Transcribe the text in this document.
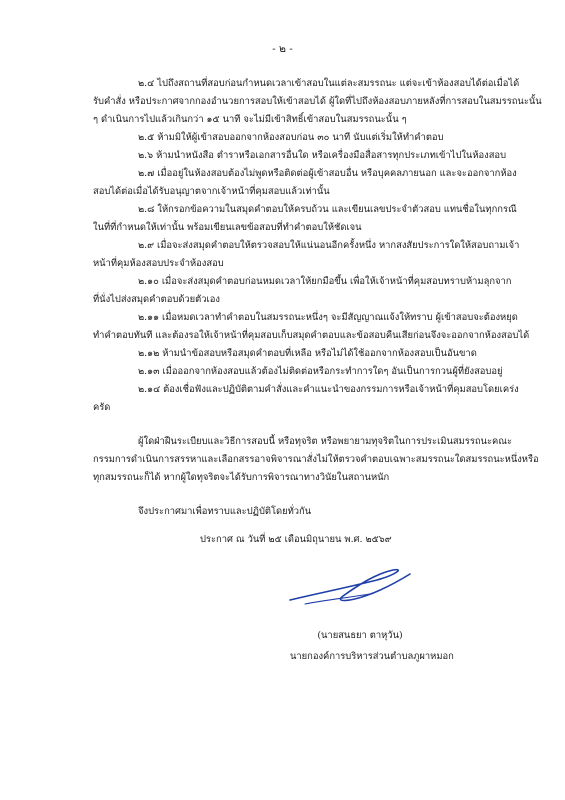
- ๒ -
๒.๔ ไปถึงสถานที่สอบก่อนกำหนดเวลาเข้าสอบในแต่ละสมรรถนะ แต่จะเข้าห้องสอบได้ต่อเมื่อได้
รับคำสั่ง หรือประกาศจากกองอำนวยการสอบให้เข้าสอบได้ ผู้ใดที่ไปถึงห้องสอบภายหลังที่การสอบในสมรรถนะนั้น
ๆ ดำเนินการไปแล้วเกินกว่า ๑๕ นาที จะไม่มีเข้าสิทธิ์เข้าสอบในสมรรถนะนั้น ๆ
๒.๕ ห้ามมิให้ผู้เข้าสอบออกจากห้องสอบก่อน ๓๐ นาที นับแต่เริ่มให้ทำคำตอบ
๒.๖ ห้ามนำหนังสือ ตำราหรือเอกสารอื่นใด หรือเครื่องมือสื่อสารทุกประเภทเข้าไปในห้องสอบ
๒.๗ เมื่ออยู่ในห้องสอบต้องไม่พูดหรือติดต่อผู้เข้าสอบอื่น หรือบุคคลภายนอก และจะออกจากห้อง
สอบได้ต่อเมื่อได้รับอนุญาตจากเจ้าหน้าที่คุมสอบแล้วเท่านั้น
๒.๘ ให้กรอกข้อความในสมุดคำตอบให้ครบถ้วน และเขียนเลขประจำตัวสอบ แทนชื่อในทุกกรณี
ในที่ที่กำหนดให้เท่านั้น พร้อมเขียนเลขข้อสอบที่ทำคำตอบให้ชัดเจน
๒.๙ เมื่อจะส่งสมุดคำตอบให้ตรวจสอบให้แน่นอนอีกครั้งหนึ่ง หากสงสัยประการใดให้สอบถามเจ้า
หน้าที่คุมห้องสอบประจำห้องสอบ
๒.๑๐ เมื่อจะส่งสมุดคำตอบก่อนหมดเวลาให้ยกมือขึ้น เพื่อให้เจ้าหน้าที่คุมสอบทราบห้ามลุกจาก
ที่นั่งไปส่งสมุดคำตอบด้วยตัวเอง
๒.๑๑ เมื่อหมดเวลาทำคำตอบในสมรรถนะหนึ่งๆ จะมีสัญญาณแจ้งให้ทราบ ผู้เข้าสอบจะต้องหยุด
ทำคำตอบทันที และต้องรอให้เจ้าหน้าที่คุมสอบเก็บสมุดคำตอบและข้อสอบคืนเสียก่อนจึงจะออกจากห้องสอบได้
๒.๑๒ ห้ามนำข้อสอบหรือสมุดคำตอบที่เหลือ หรือไม่ได้ใช้ออกจากห้องสอบเป็นอันขาด
๒.๑๓ เมื่อออกจากห้องสอบแล้วต้องไม่ติดต่อหรือกระทำการใดๆ อันเป็นการกวนผู้ที่ยังสอบอยู่
๒.๑๔ ต้องเชื่อฟังและปฏิบัติตามคำสั่งและคำแนะนำของกรรมการหรือเจ้าหน้าที่คุมสอบโดยเคร่ง
ครัด
ผู้ใดฝ่าฝืนระเบียบและวิธีการสอบนี้ หรือทุจริต หรือพยายามทุจริตในการประเมินสมรรถนะคณะ
กรรมการดำเนินการสรรหาและเลือกสรรอาจพิจารณาสั่งไม่ให้ตรวจคำตอบเฉพาะสมรรถนะใดสมรรถนะหนึ่งหรือ
ทุกสมรรถนะก็ได้ หากผู้ใดทุจริตจะได้รับการพิจารณาทางวินัยในสถานหนัก
จึงประกาศมาเพื่อทราบและปฏิบัติโดยทั่วกัน
ประกาศ ณ วันที่ ๒๕ เดือนมิถุนายน พ.ศ. ๒๕๖๙
(นายสนธยา ตาหุวัน)
นายกองค์การบริหารส่วนตำบลภูผาหมอก
